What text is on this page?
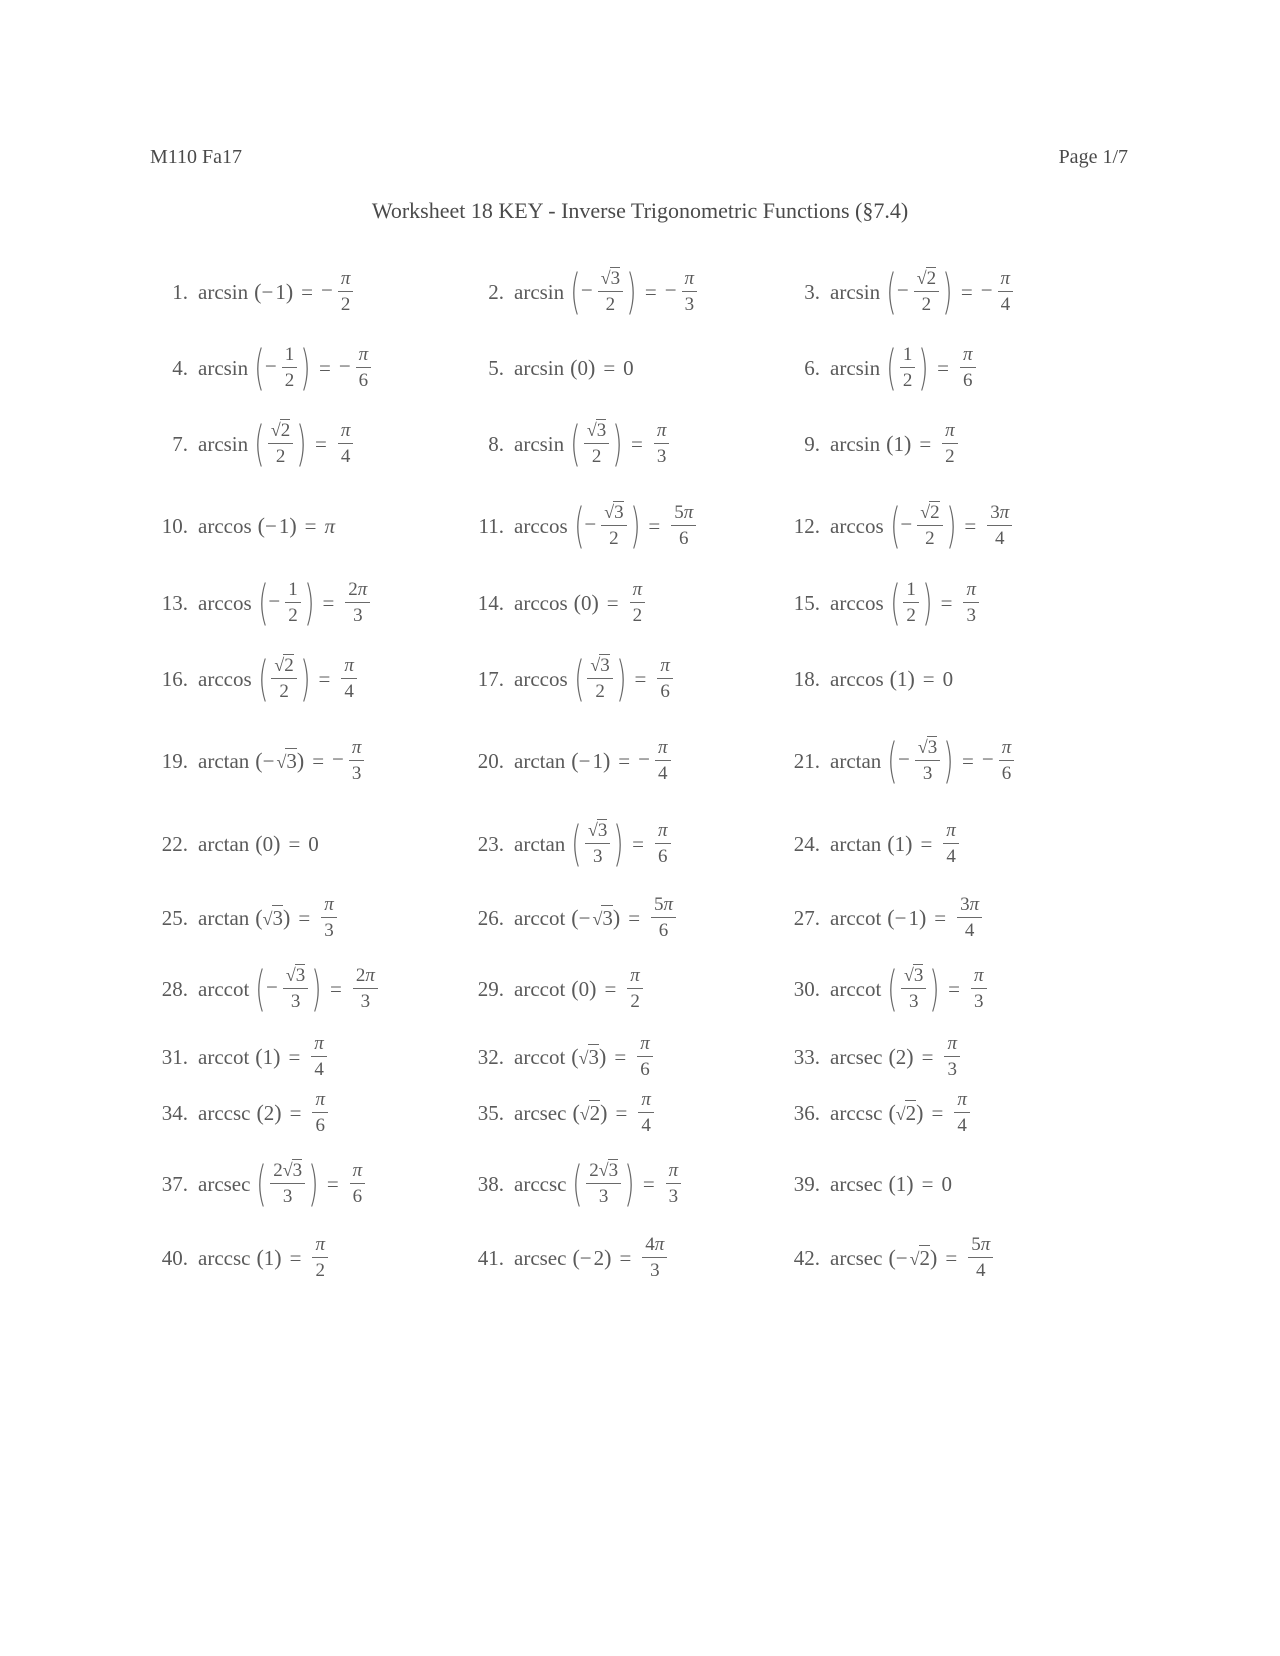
M110 Fa17	Page 1/7
Worksheet 18 KEY - Inverse Trigonometric Functions (§7.4)
1. arcsin ( −1 ) = − $\frac{\pi}{2}$	2. arcsin ( − $\frac{√3}{2}$ ) = − $\frac{\pi}{3}$	3. arcsin ( − $\frac{√2}{2}$ ) = − $\frac{\pi}{4}$
4. arcsin ( − $\frac{1}{2}$ ) = − $\frac{\pi}{6}$	5. arcsin ( 0 ) = 0	6. arcsin ( $\frac{1}{2}$ ) = $\frac{\pi}{6}$
7. arcsin ( $\frac{√2}{2}$ ) = $\frac{\pi}{4}$	8. arcsin ( $\frac{√3}{2}$ ) = $\frac{\pi}{3}$	9. arcsin ( 1 ) = $\frac{\pi}{2}$
10. arccos ( −1 ) = π	11. arccos ( − $\frac{√3}{2}$ ) = $\frac{5\pi}{6}$	12. arccos ( − $\frac{√2}{2}$ ) = $\frac{3\pi}{4}$
13. arccos ( − $\frac{1}{2}$ ) = $\frac{2\pi}{3}$	14. arccos ( 0 ) = $\frac{\pi}{2}$	15. arccos ( $\frac{1}{2}$ ) = $\frac{\pi}{3}$
16. arccos ( $\frac{√2}{2}$ ) = $\frac{\pi}{4}$	17. arccos ( $\frac{√3}{2}$ ) = $\frac{\pi}{6}$	18. arccos ( 1 ) = 0
19. arctan ( − √3 ) = − $\frac{\pi}{3}$	20. arctan ( −1 ) = − $\frac{\pi}{4}$	21. arctan ( − $\frac{√3}{3}$ ) = − $\frac{\pi}{6}$
22. arctan ( 0 ) = 0	23. arctan ( $\frac{√3}{3}$ ) = $\frac{\pi}{6}$	24. arctan ( 1 ) = $\frac{\pi}{4}$
25. arctan ( √3 ) = $\frac{\pi}{3}$	26. arccot ( − √3 ) = $\frac{5\pi}{6}$	27. arccot ( −1 ) = $\frac{3\pi}{4}$
28. arccot ( − $\frac{√3}{3}$ ) = $\frac{2\pi}{3}$	29. arccot ( 0 ) = $\frac{\pi}{2}$	30. arccot ( $\frac{√3}{3}$ ) = $\frac{\pi}{3}$
31. arccot ( 1 ) = $\frac{\pi}{4}$	32. arccot ( √3 ) = $\frac{\pi}{6}$	33. arcsec ( 2 ) = $\frac{\pi}{3}$
34. arccsc ( 2 ) = $\frac{\pi}{6}$	35. arcsec ( √2 ) = $\frac{\pi}{4}$	36. arccsc ( √2 ) = $\frac{\pi}{4}$
37. arcsec ( $\frac{2√3}{3}$ ) = $\frac{\pi}{6}$	38. arccsc ( $\frac{2√3}{3}$ ) = $\frac{\pi}{3}$	39. arcsec ( 1 ) = 0
40. arccsc ( 1 ) = $\frac{\pi}{2}$	41. arcsec ( −2 ) = $\frac{4\pi}{3}$	42. arcsec ( − √2 ) = $\frac{5\pi}{4}$
